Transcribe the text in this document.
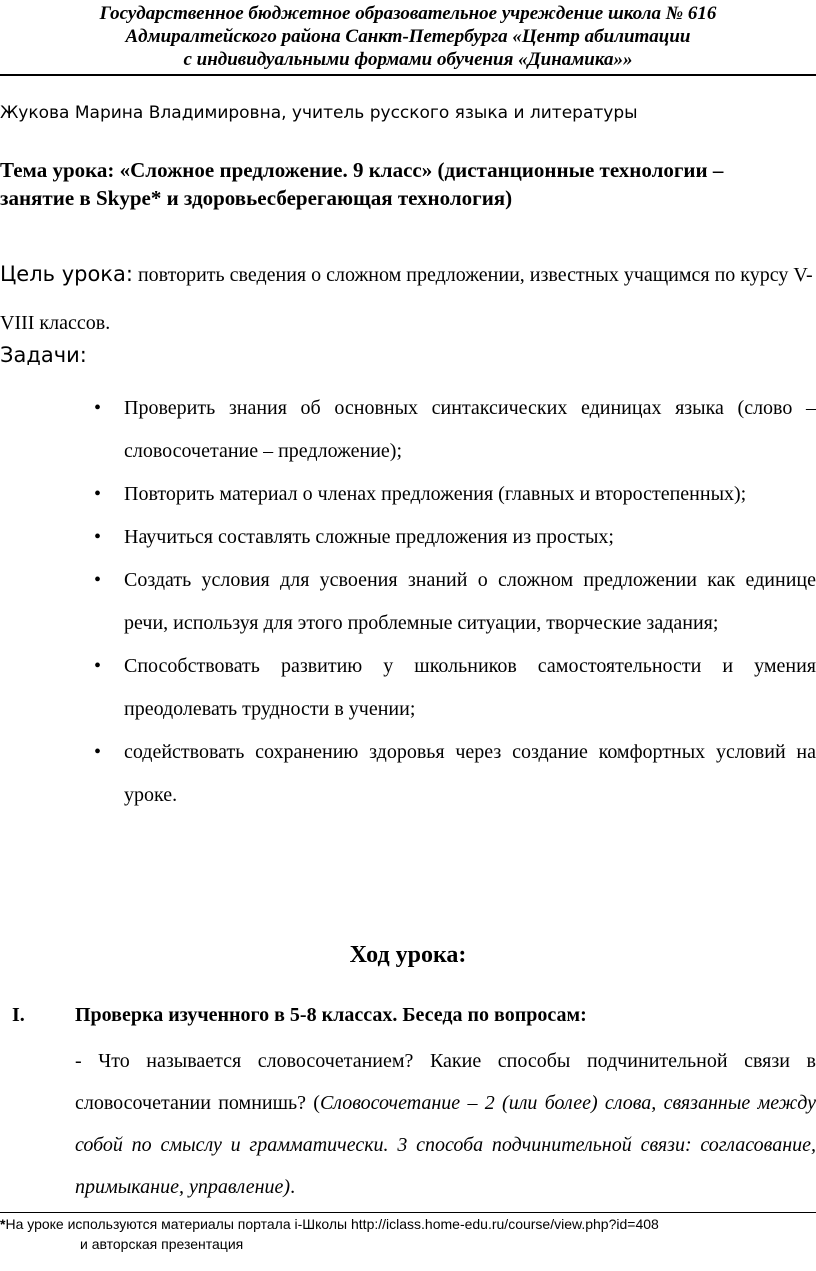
Государственное бюджетное образовательное учреждение школа № 616
Адмиралтейского района Санкт-Петербурга «Центр абилитации
с индивидуальными формами обучения «Динамика»»
Жукова Марина Владимировна, учитель русского языка и литературы
Тема урока: «Сложное предложение. 9 класс» (дистанционные технологии – занятие в Skype* и здоровьесберегающая технология)
Цель урока: повторить сведения о сложном предложении, известных учащимся по курсу V-VIII классов.
Задачи:
• Проверить знания об основных синтаксических единицах языка (слово – словосочетание – предложение);
• Повторить материал о членах предложения (главных и второстепенных);
• Научиться составлять сложные предложения из простых;
• Создать условия для усвоения знаний о сложном предложении как единице речи, используя для этого проблемные ситуации, творческие задания;
• Способствовать развитию у школьников самостоятельности и умения преодолевать трудности в учении;
• содействовать сохранению здоровья через создание комфортных условий на уроке.
Ход урока:
I.	Проверка изученного в 5-8 классах. Беседа по вопросам:
- Что называется словосочетанием? Какие способы подчинительной связи в словосочетании помнишь? (Словосочетание – 2 (или более) слова, связанные между собой по смыслу и грамматически. 3 способа подчинительной связи: согласование, примыкание, управление).
*На уроке используются материалы портала i-Школы http://iclass.home-edu.ru/course/view.php?id=408
и авторская презентация
